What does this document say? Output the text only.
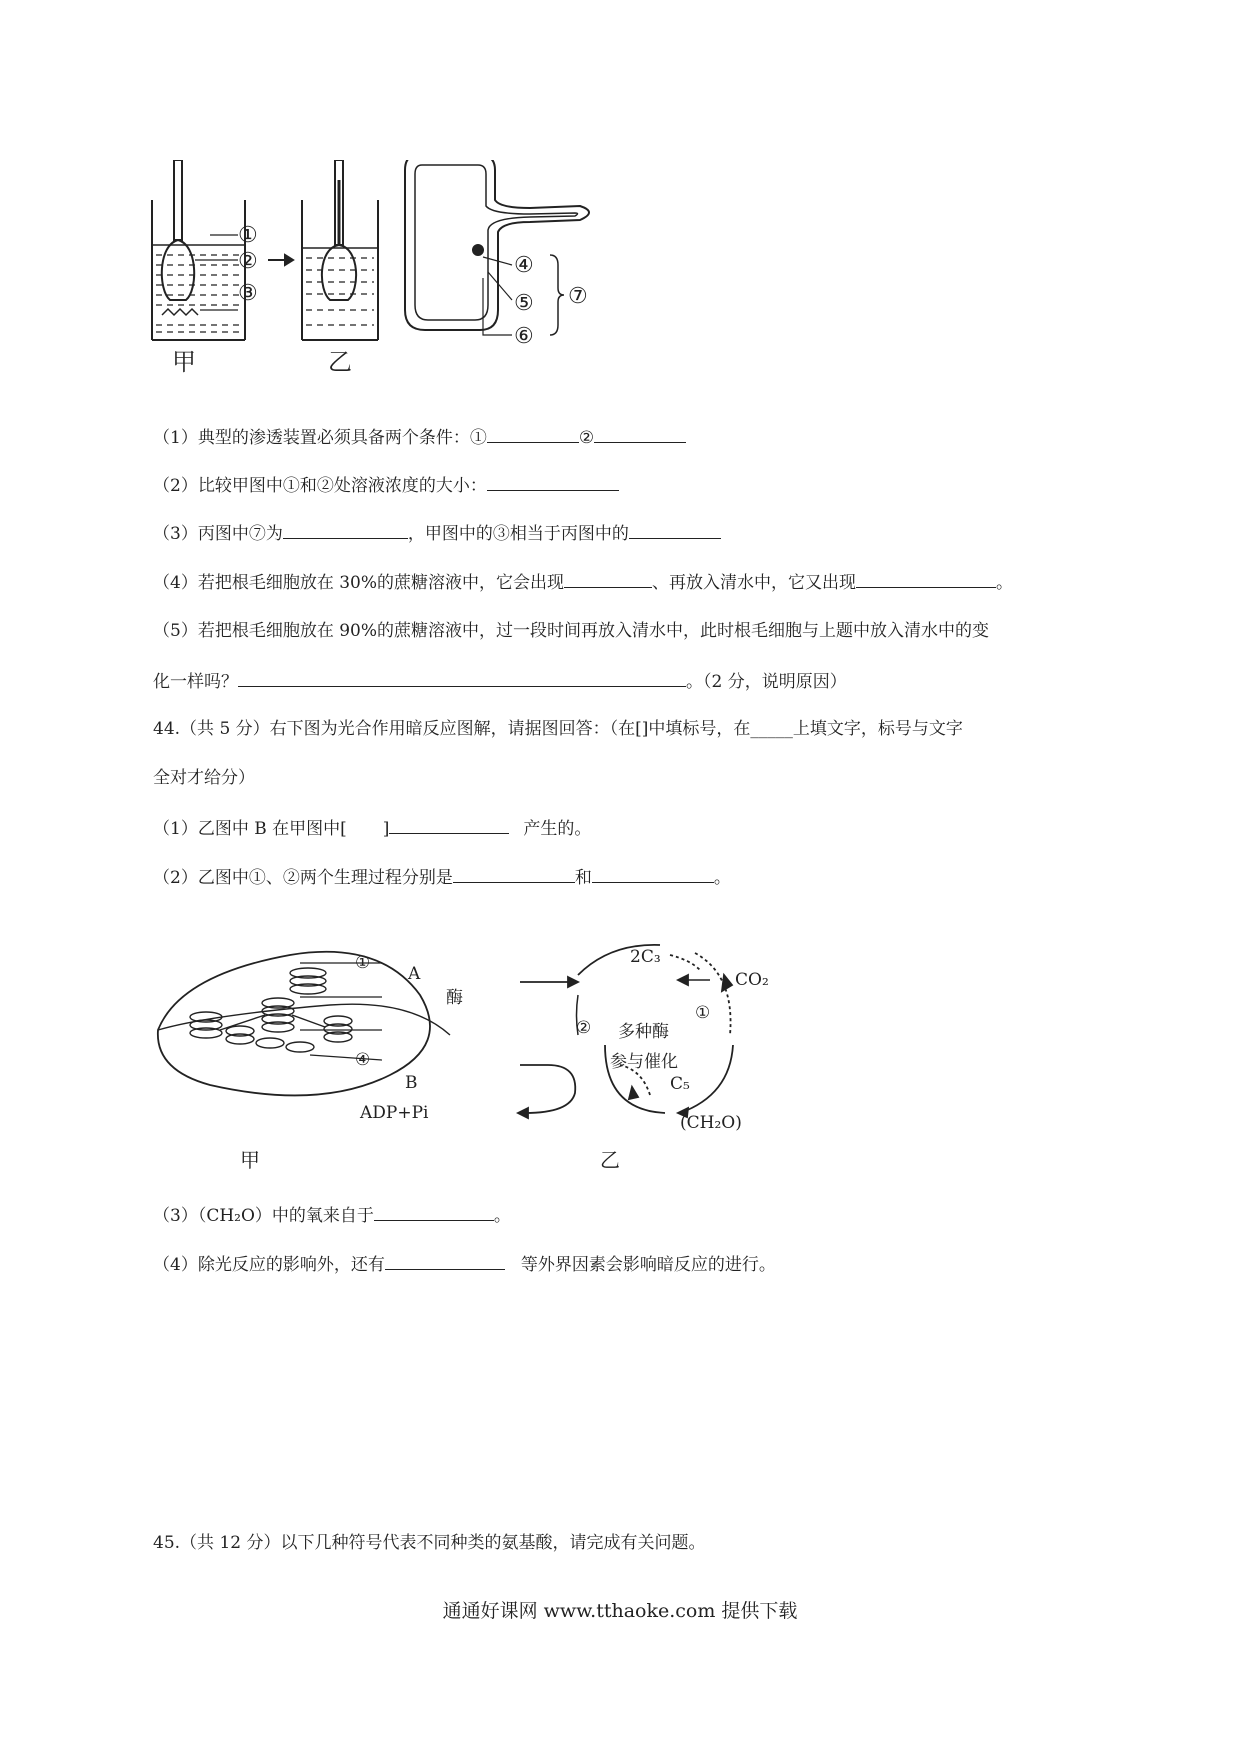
①
②
③
④
⑤
⑥
⑦
甲	乙
（1）典型的渗透装置必须具备两个条件：①	②
（2）比较甲图中①和②处溶液浓度的大小：
（3）丙图中⑦为	，甲图中的③相当于丙图中的
（4）若把根毛细胞放在 30%的蔗糖溶液中，它会出现	、再放入清水中，它又出现	。
（5）若把根毛细胞放在 90%的蔗糖溶液中，过一段时间再放入清水中，此时根毛细胞与上题中放入清水中的变
化一样吗？	。（2 分，说明原因）
44.（共 5 分）右下图为光合作用暗反应图解，请据图回答：（在[]中填标号，在_____上填文字，标号与文字
全对才给分）
（1）乙图中 B 在甲图中[ ]	产生的。
（2）乙图中①、②两个生理过程分别是	和	。
①
④
A
酶
B
ADP+Pi
2C₃
CO₂
①
② 多种酶
参与催化
C₅
(CH₂O)
甲	乙
（3）（CH₂O）中的氧来自于	。
（4）除光反应的影响外，还有	等外界因素会影响暗反应的进行。
45.（共 12 分）以下几种符号代表不同种类的氨基酸，请完成有关问题。
通通好课网 www.tthaoke.com 提供下载
